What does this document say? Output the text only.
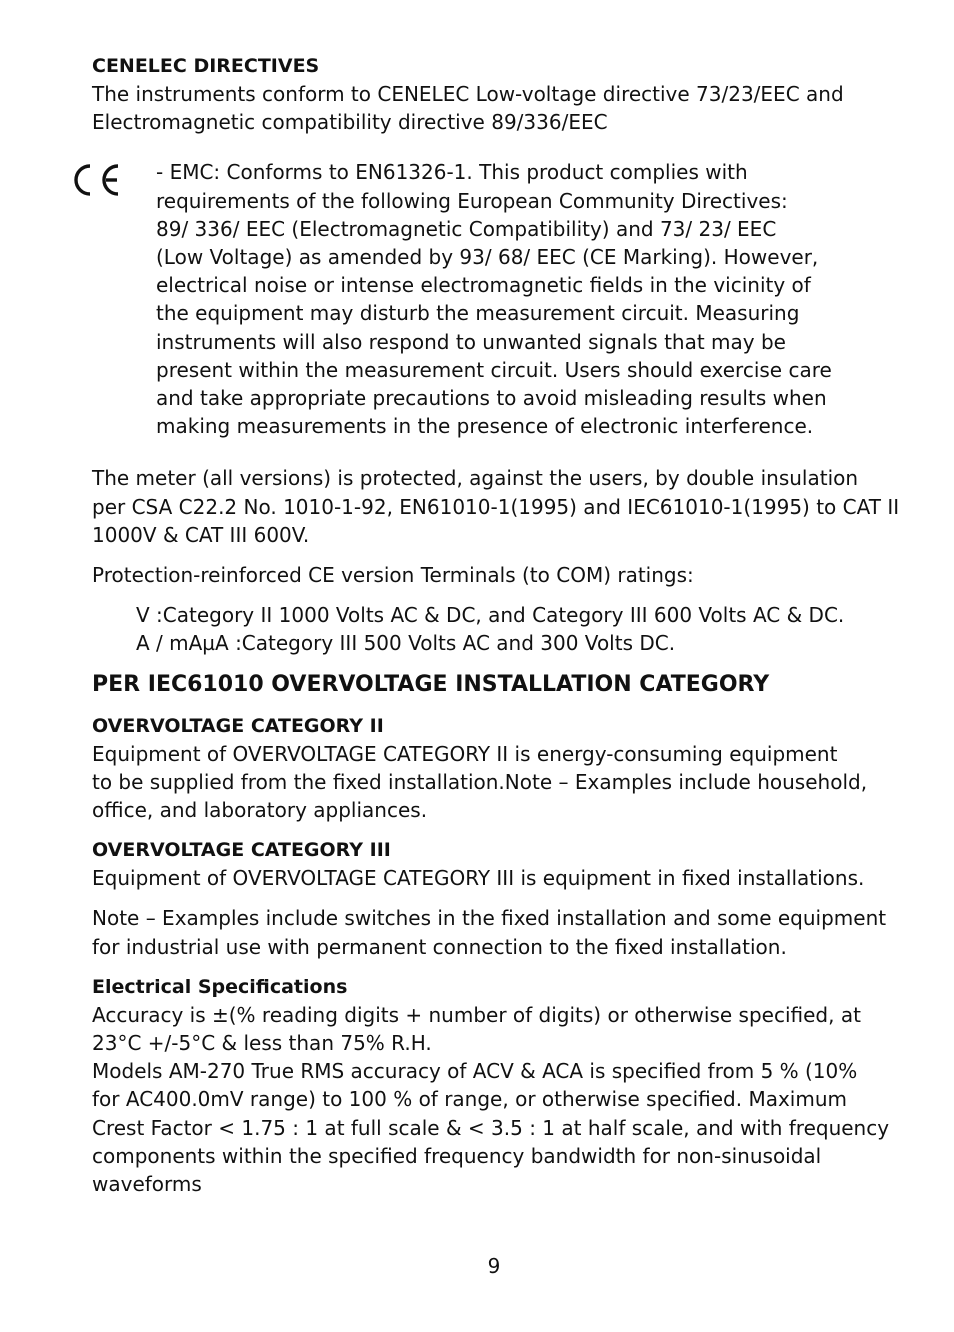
CENELEC DIRECTIVES

The instruments conform to CENELEC Low-voltage directive 73/23/EEC and
Electromagnetic compatibility directive 89/336/EEC

- EMC: Conforms to EN61326-1. This product complies with
requirements of the following European Community Directives:
89/ 336/ EEC (Electromagnetic Compatibility) and 73/ 23/ EEC
(Low Voltage) as amended by 93/ 68/ EEC (CE Marking). However,
electrical noise or intense electromagnetic fields in the vicinity of
the equipment may disturb the measurement circuit. Measuring
instruments will also respond to unwanted signals that may be
present within the measurement circuit. Users should exercise care
and take appropriate precautions to avoid misleading results when
making measurements in the presence of electronic interference.

The meter (all versions) is protected, against the users, by double insulation
per CSA C22.2 No. 1010-1-92, EN61010-1(1995) and IEC61010-1(1995) to CAT II
1000V & CAT III 600V.

Protection-reinforced CE version Terminals (to COM) ratings:

V :Category II 1000 Volts AC & DC, and Category III 600 Volts AC & DC.
A / mAµA :Category III 500 Volts AC and 300 Volts DC.

PER IEC61010 OVERVOLTAGE INSTALLATION CATEGORY

OVERVOLTAGE CATEGORY II

Equipment of OVERVOLTAGE CATEGORY II is energy-consuming equipment
to be supplied from the fixed installation.Note – Examples include household,
office, and laboratory appliances.

OVERVOLTAGE CATEGORY III

Equipment of OVERVOLTAGE CATEGORY III is equipment in fixed installations.

Note – Examples include switches in the fixed installation and some equipment
for industrial use with permanent connection to the fixed installation.

Electrical Specifications

Accuracy is ±(% reading digits + number of digits) or otherwise specified, at
23°C +/-5°C & less than 75% R.H.

Models AM-270 True RMS accuracy of ACV & ACA is specified from 5 % (10%
for AC400.0mV range) to 100 % of range, or otherwise specified. Maximum
Crest Factor < 1.75 : 1 at full scale & < 3.5 : 1 at half scale, and with frequency
components within the specified frequency bandwidth for non-sinusoidal
waveforms

9
